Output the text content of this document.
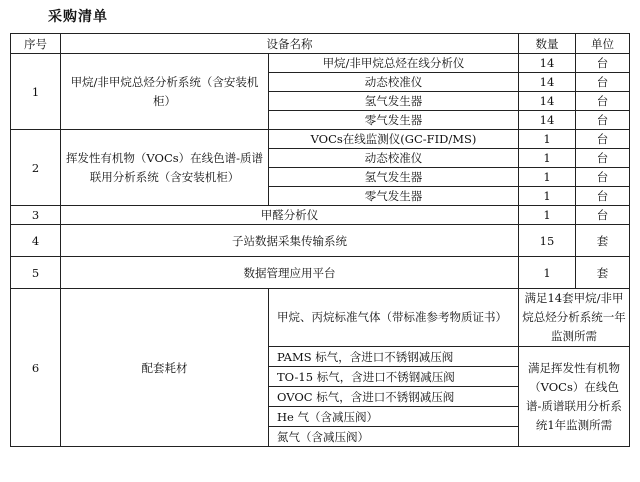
采购清单
序号	设备名称		数量	单位
1	甲烷/非甲烷总烃分析系统（含安装机柜）	甲烷/非甲烷总烃在线分析仪	14	台
		动态校准仪	14	台
		氢气发生器	14	台
		零气发生器	14	台
2	挥发性有机物（VOCs）在线色谱-质谱联用分析系统（含安装机柜）	VOCs在线监测仪(GC-FID/MS)	1	台
		动态校准仪	1	台
		氢气发生器	1	台
		零气发生器	1	台
3	甲醛分析仪		1	台
4	子站数据采集传输系统		15	套
5	数据管理应用平台		1	套
6	配套耗材	甲烷、丙烷标准气体（带标准参考物质证书）	满足14套甲烷/非甲烷总烃分析系统一年监测所需	
		PAMS 标气，含进口不锈钢减压阀	满足挥发性有机物（VOCs）在线色谱-质谱联用分析系统1年监测所需	
		TO-15 标气，含进口不锈钢减压阀		
		OVOC 标气，含进口不锈钢减压阀		
		He 气（含减压阀）		
		氮气（含减压阀）		
